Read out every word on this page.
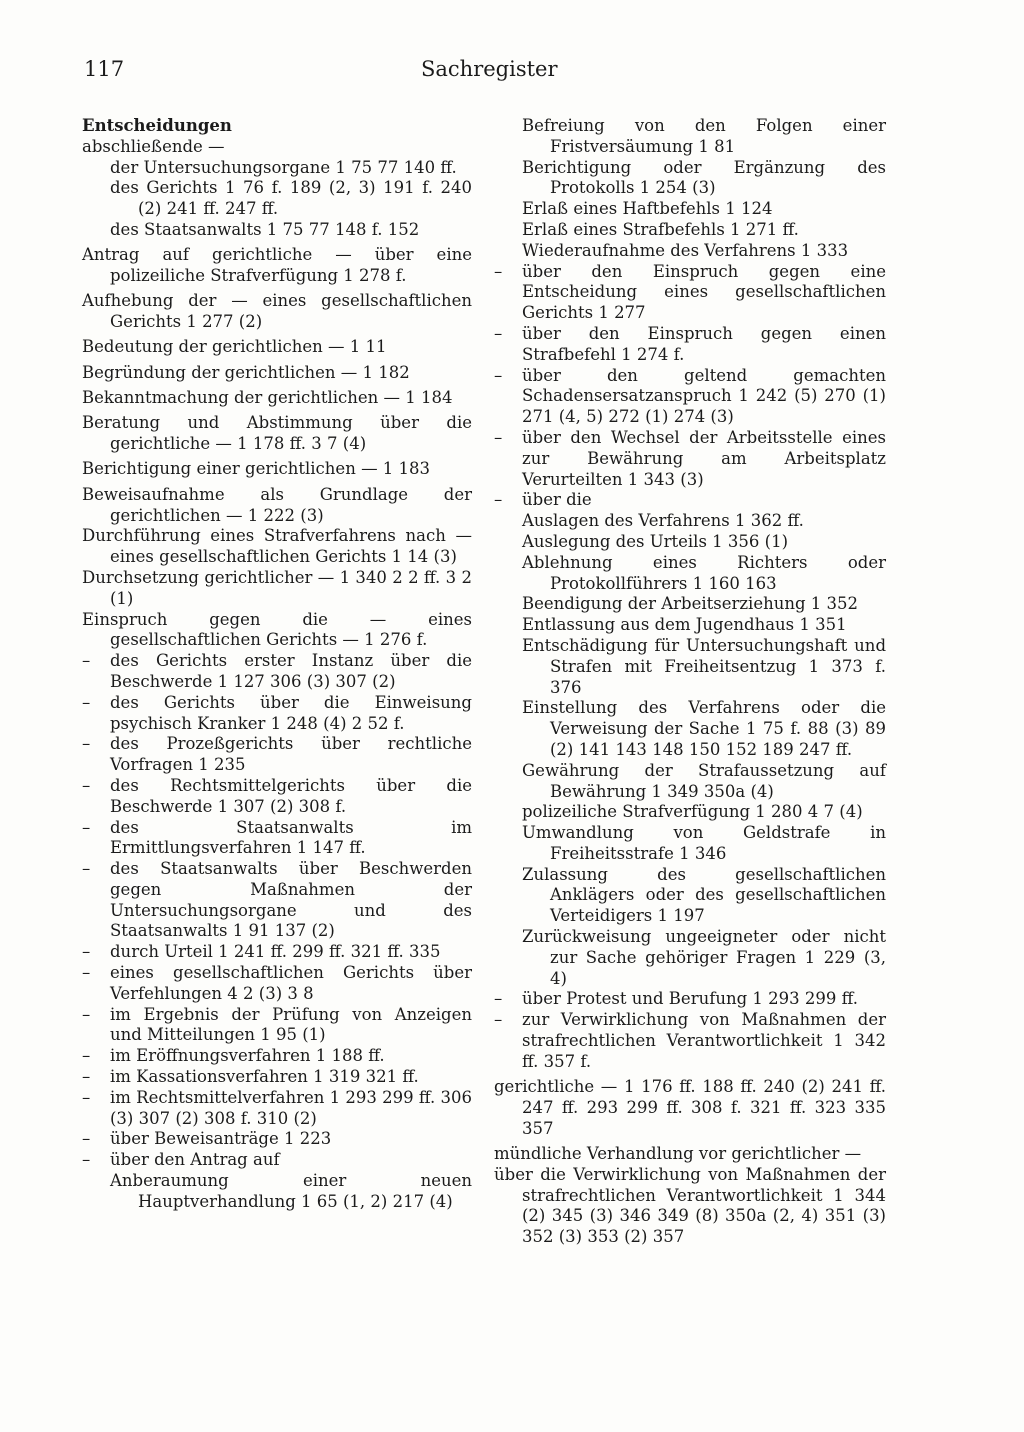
117	Sachregister
Entscheidungen
abschließende —
der Untersuchungsorgane 1 75 77 140 ff.
des Gerichts 1 76 f. 189 (2, 3) 191 f. 240 (2) 241 ff. 247 ff.
des Staatsanwalts 1 75 77 148 f. 152
Antrag auf gerichtliche — über eine polizeiliche Strafverfügung 1 278 f.
Aufhebung der — eines gesellschaftlichen Gerichts 1 277 (2)
Bedeutung der gerichtlichen — 1 11
Begründung der gerichtlichen — 1 182
Bekanntmachung der gerichtlichen — 1 184
Beratung und Abstimmung über die gerichtliche — 1 178 ff. 3 7 (4)
Berichtigung einer gerichtlichen — 1 183
Beweisaufnahme als Grundlage der gerichtlichen — 1 222 (3)
Durchführung eines Strafverfahrens nach — eines gesellschaftlichen Gerichts 1 14 (3)
Durchsetzung gerichtlicher — 1 340 2 2 ff. 3 2 (1)
Einspruch gegen die — eines gesellschaftlichen Gerichts — 1 276 f.
– des Gerichts erster Instanz über die Beschwerde 1 127 306 (3) 307 (2)
– des Gerichts über die Einweisung psychisch Kranker 1 248 (4) 2 52 f.
– des Prozeßgerichts über rechtliche Vorfragen 1 235
– des Rechtsmittelgerichts über die Beschwerde 1 307 (2) 308 f.
– des Staatsanwalts im Ermittlungsverfahren 1 147 ff.
– des Staatsanwalts über Beschwerden gegen Maßnahmen der Untersuchungsorgane und des Staatsanwalts 1 91 137 (2)
– durch Urteil 1 241 ff. 299 ff. 321 ff. 335
– eines gesellschaftlichen Gerichts über Verfehlungen 4 2 (3) 3 8
– im Ergebnis der Prüfung von Anzeigen und Mitteilungen 1 95 (1)
– im Eröffnungsverfahren 1 188 ff.
– im Kassationsverfahren 1 319 321 ff.
– im Rechtsmittelverfahren 1 293 299 ff. 306 (3) 307 (2) 308 f. 310 (2)
– über Beweisanträge 1 223
– über den Antrag auf
Anberaumung einer neuen Hauptverhandlung 1 65 (1, 2) 217 (4)
Befreiung von den Folgen einer Fristversäumung 1 81
Berichtigung oder Ergänzung des Protokolls 1 254 (3)
Erlaß eines Haftbefehls 1 124
Erlaß eines Strafbefehls 1 271 ff.
Wiederaufnahme des Verfahrens 1 333
– über den Einspruch gegen eine Entscheidung eines gesellschaftlichen Gerichts 1 277
– über den Einspruch gegen einen Strafbefehl 1 274 f.
– über den geltend gemachten Schadensersatzanspruch 1 242 (5) 270 (1) 271 (4, 5) 272 (1) 274 (3)
– über den Wechsel der Arbeitsstelle eines zur Bewährung am Arbeitsplatz Verurteilten 1 343 (3)
– über die
Auslagen des Verfahrens 1 362 ff.
Auslegung des Urteils 1 356 (1)
Ablehnung eines Richters oder Protokollführers 1 160 163
Beendigung der Arbeitserziehung 1 352
Entlassung aus dem Jugendhaus 1 351
Entschädigung für Untersuchungshaft und Strafen mit Freiheitsentzug 1 373 f. 376
Einstellung des Verfahrens oder die Verweisung der Sache 1 75 f. 88 (3) 89 (2) 141 143 148 150 152 189 247 ff.
Gewährung der Strafaussetzung auf Bewährung 1 349 350a (4)
polizeiliche Strafverfügung 1 280 4 7 (4)
Umwandlung von Geldstrafe in Freiheitsstrafe 1 346
Zulassung des gesellschaftlichen Anklägers oder des gesellschaftlichen Verteidigers 1 197
Zurückweisung ungeeigneter oder nicht zur Sache gehöriger Fragen 1 229 (3, 4)
– über Protest und Berufung 1 293 299 ff.
– zur Verwirklichung von Maßnahmen der strafrechtlichen Verantwortlichkeit 1 342 ff. 357 f.
gerichtliche — 1 176 ff. 188 ff. 240 (2) 241 ff. 247 ff. 293 299 ff. 308 f. 321 ff. 323 335 357
mündliche Verhandlung vor gerichtlicher —
über die Verwirklichung von Maßnahmen der strafrechtlichen Verantwortlichkeit 1 344 (2) 345 (3) 346 349 (8) 350a (2, 4) 351 (3) 352 (3) 353 (2) 357
